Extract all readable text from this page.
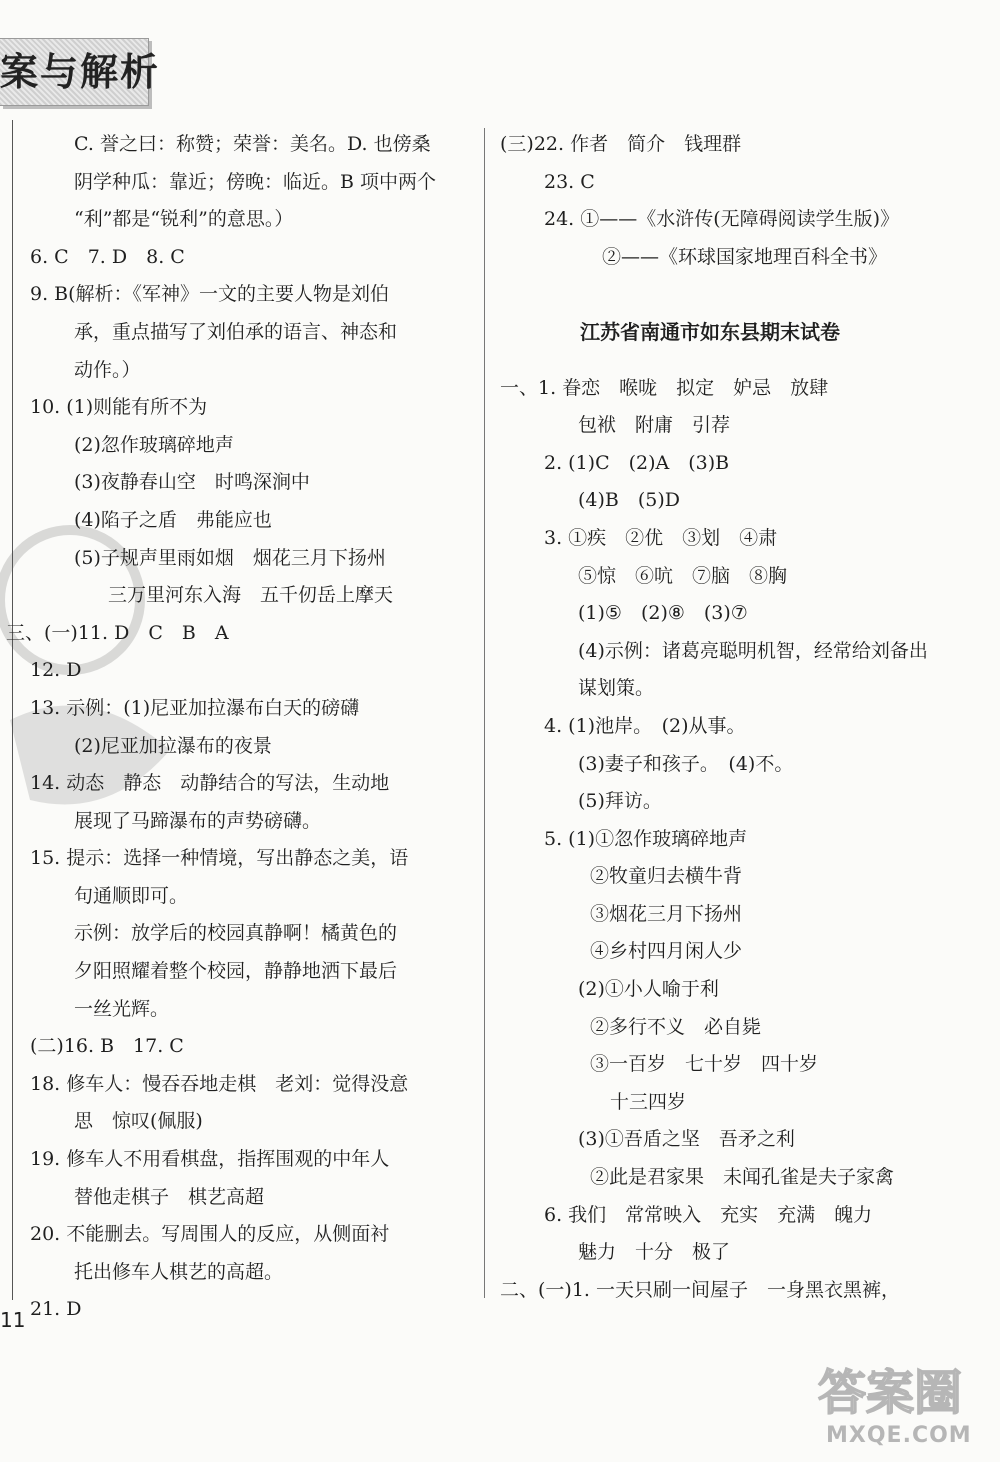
案与解析
C. 誉之曰：称赞；荣誉：美名。D. 也傍桑
阴学种瓜：靠近；傍晚：临近。B 项中两个
“利”都是“锐利”的意思。）
6. C　7. D　8. C
9. B(解析：《军神》一文的主要人物是刘伯
承，重点描写了刘伯承的语言、神态和
动作。）
10. (1)则能有所不为
(2)忽作玻璃碎地声
(3)夜静春山空　时鸣深涧中
(4)陷子之盾　弗能应也
(5)子规声里雨如烟　烟花三月下扬州
三万里河东入海　五千仞岳上摩天
三、(一)11. D　C　B　A
12. D
13. 示例：(1)尼亚加拉瀑布白天的磅礴
(2)尼亚加拉瀑布的夜景
14. 动态　静态　动静结合的写法，生动地
展现了马蹄瀑布的声势磅礴。
15. 提示：选择一种情境，写出静态之美，语
句通顺即可。
示例：放学后的校园真静啊！橘黄色的
夕阳照耀着整个校园，静静地洒下最后
一丝光辉。
(二)16. B　17. C
18. 修车人：慢吞吞地走棋　老刘：觉得没意
思　惊叹(佩服)
19. 修车人不用看棋盘，指挥围观的中年人
替他走棋子　棋艺高超
20. 不能删去。写周围人的反应，从侧面衬
托出修车人棋艺的高超。
21. D
(三)22. 作者　简介　钱理群
23. C
24. ①——《水浒传(无障碍阅读学生版)》
②——《环球国家地理百科全书》
江苏省南通市如东县期末试卷
一、1. 眷恋　喉咙　拟定　妒忌　放肆
包袱　附庸　引荐
2. (1)C　(2)A　(3)B
(4)B　(5)D
3. ①疾　②优　③划　④肃
⑤惊　⑥吭　⑦脑　⑧胸
(1)⑤　(2)⑧　(3)⑦
(4)示例：诸葛亮聪明机智，经常给刘备出
谋划策。
4. (1)池岸。　(2)从事。
(3)妻子和孩子。　(4)不。
(5)拜访。
5. (1)①忽作玻璃碎地声
②牧童归去横牛背
③烟花三月下扬州
④乡村四月闲人少
(2)①小人喻于利
②多行不义　必自毙
③一百岁　七十岁　四十岁
十三四岁
(3)①吾盾之坚　吾矛之利
②此是君家果　未闻孔雀是夫子家禽
6. 我们　常常映入　充实　充满　魄力
魅力　十分　极了
二、(一)1. 一天只刷一间屋子　一身黑衣黑裤，
11
答案圈
MXQE.COM
